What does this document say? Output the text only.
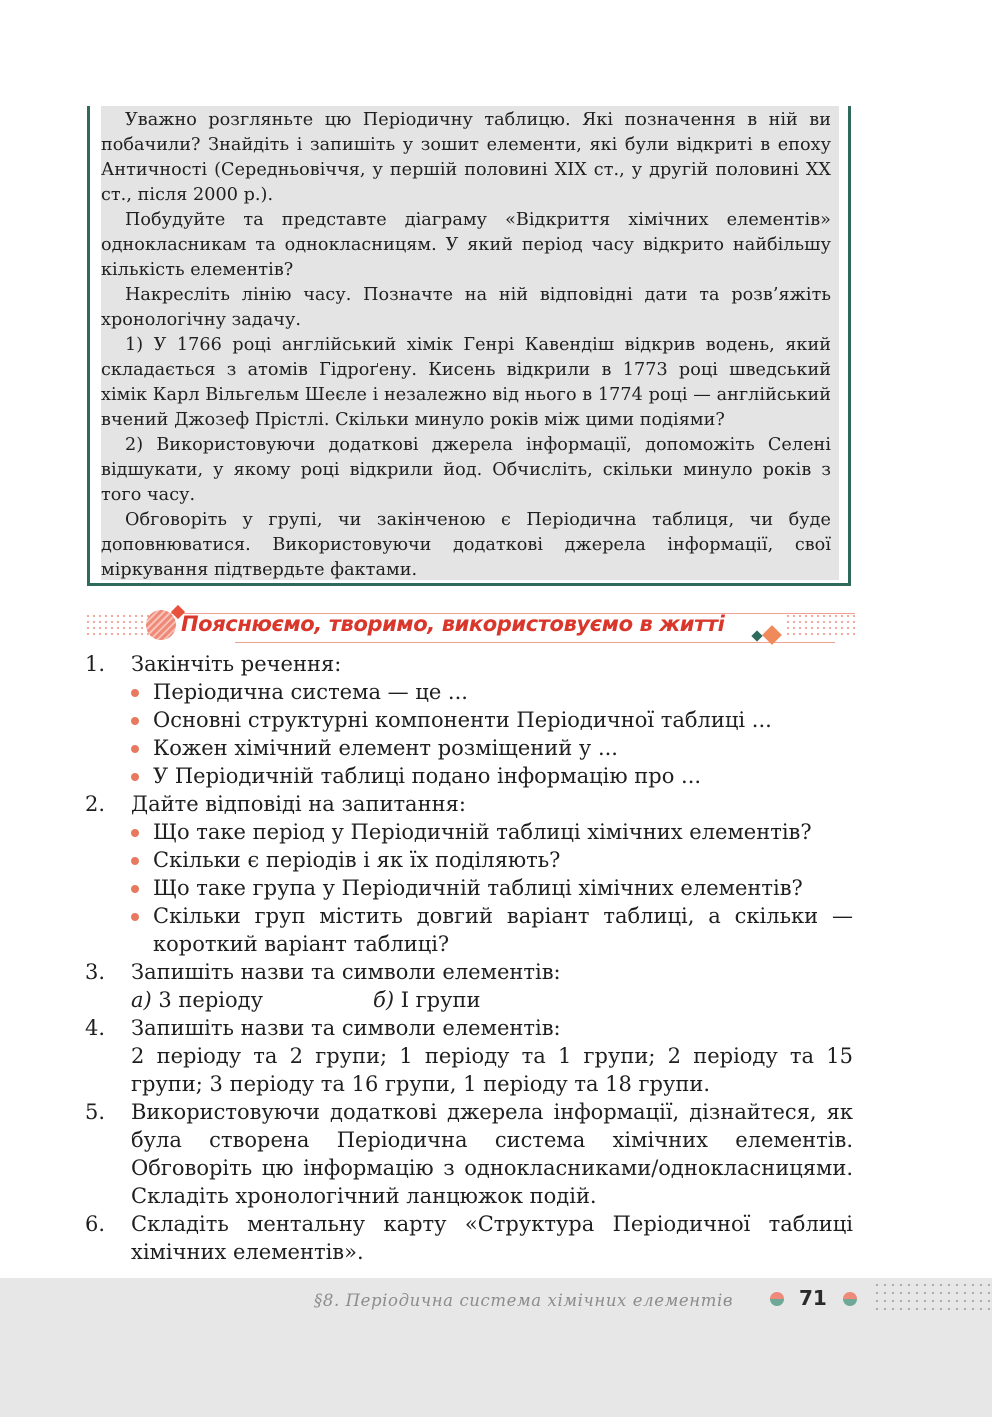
Уважно розгляньте цю Періодичну таблицю. Які позначення в ній ви побачили? Знайдіть і запишіть у зошит елементи, які були відкриті в епоху Античності (Середньовіччя, у першій половині XIX ст., у другій половині XX ст., після 2000 р.).

Побудуйте та представте діаграму «Відкриття хімічних елементів» однокласникам та однокласницям. У який період часу відкрито найбільшу кількість елементів?

Накресліть лінію часу. Позначте на ній відповідні дати та розв’яжіть хронологічну задачу.

1) У 1766 році англійський хімік Генрі Кавендіш відкрив водень, який складається з атомів Гідроґену. Кисень відкрили в 1773 році шведський хімік Карл Вільгельм Шеєле і незалежно від нього в 1774 році — англійський вчений Джозеф Прістлі. Скільки минуло років між цими подіями?

2) Використовуючи додаткові джерела інформації, допоможіть Селені відшукати, у якому році відкрили йод. Обчисліть, скільки минуло років з того часу.

Обговоріть у групі, чи закінченою є Періодична таблиця, чи буде доповнюватися. Використовуючи додаткові джерела інформації, свої міркування підтвердьте фактами.

Пояснюємо, творимо, використовуємо в житті
1. Закінчіть речення:
Періодична система — це ...
Основні структурні компоненти Періодичної таблиці ...
Кожен хімічний елемент розміщений у ...
У Періодичній таблиці подано інформацію про ...
2. Дайте відповіді на запитання:
Що таке період у Періодичній таблиці хімічних елементів?
Скільки є періодів і як їх поділяють?
Що таке група у Періодичній таблиці хімічних елементів?
Скільки груп містить довгий варіант таблиці, а скільки — короткий варіант таблиці?
3. Запишіть назви та символи елементів:
а) 3 періоду	б) I групи
4. Запишіть назви та символи елементів:
2 періоду та 2 групи; 1 періоду та 1 групи; 2 періоду та 15 групи; 3 періоду та 16 групи, 1 періоду та 18 групи.
5. Використовуючи додаткові джерела інформації, дізнайтеся, як була створена Періодична система хімічних елементів. Обговоріть цю інформацію з однокласниками/однокласницями. Складіть хронологічний ланцюжок подій.
6. Складіть ментальну карту «Структура Періодичної таблиці хімічних елементів».
§8. Періодична система хімічних елементів	71
